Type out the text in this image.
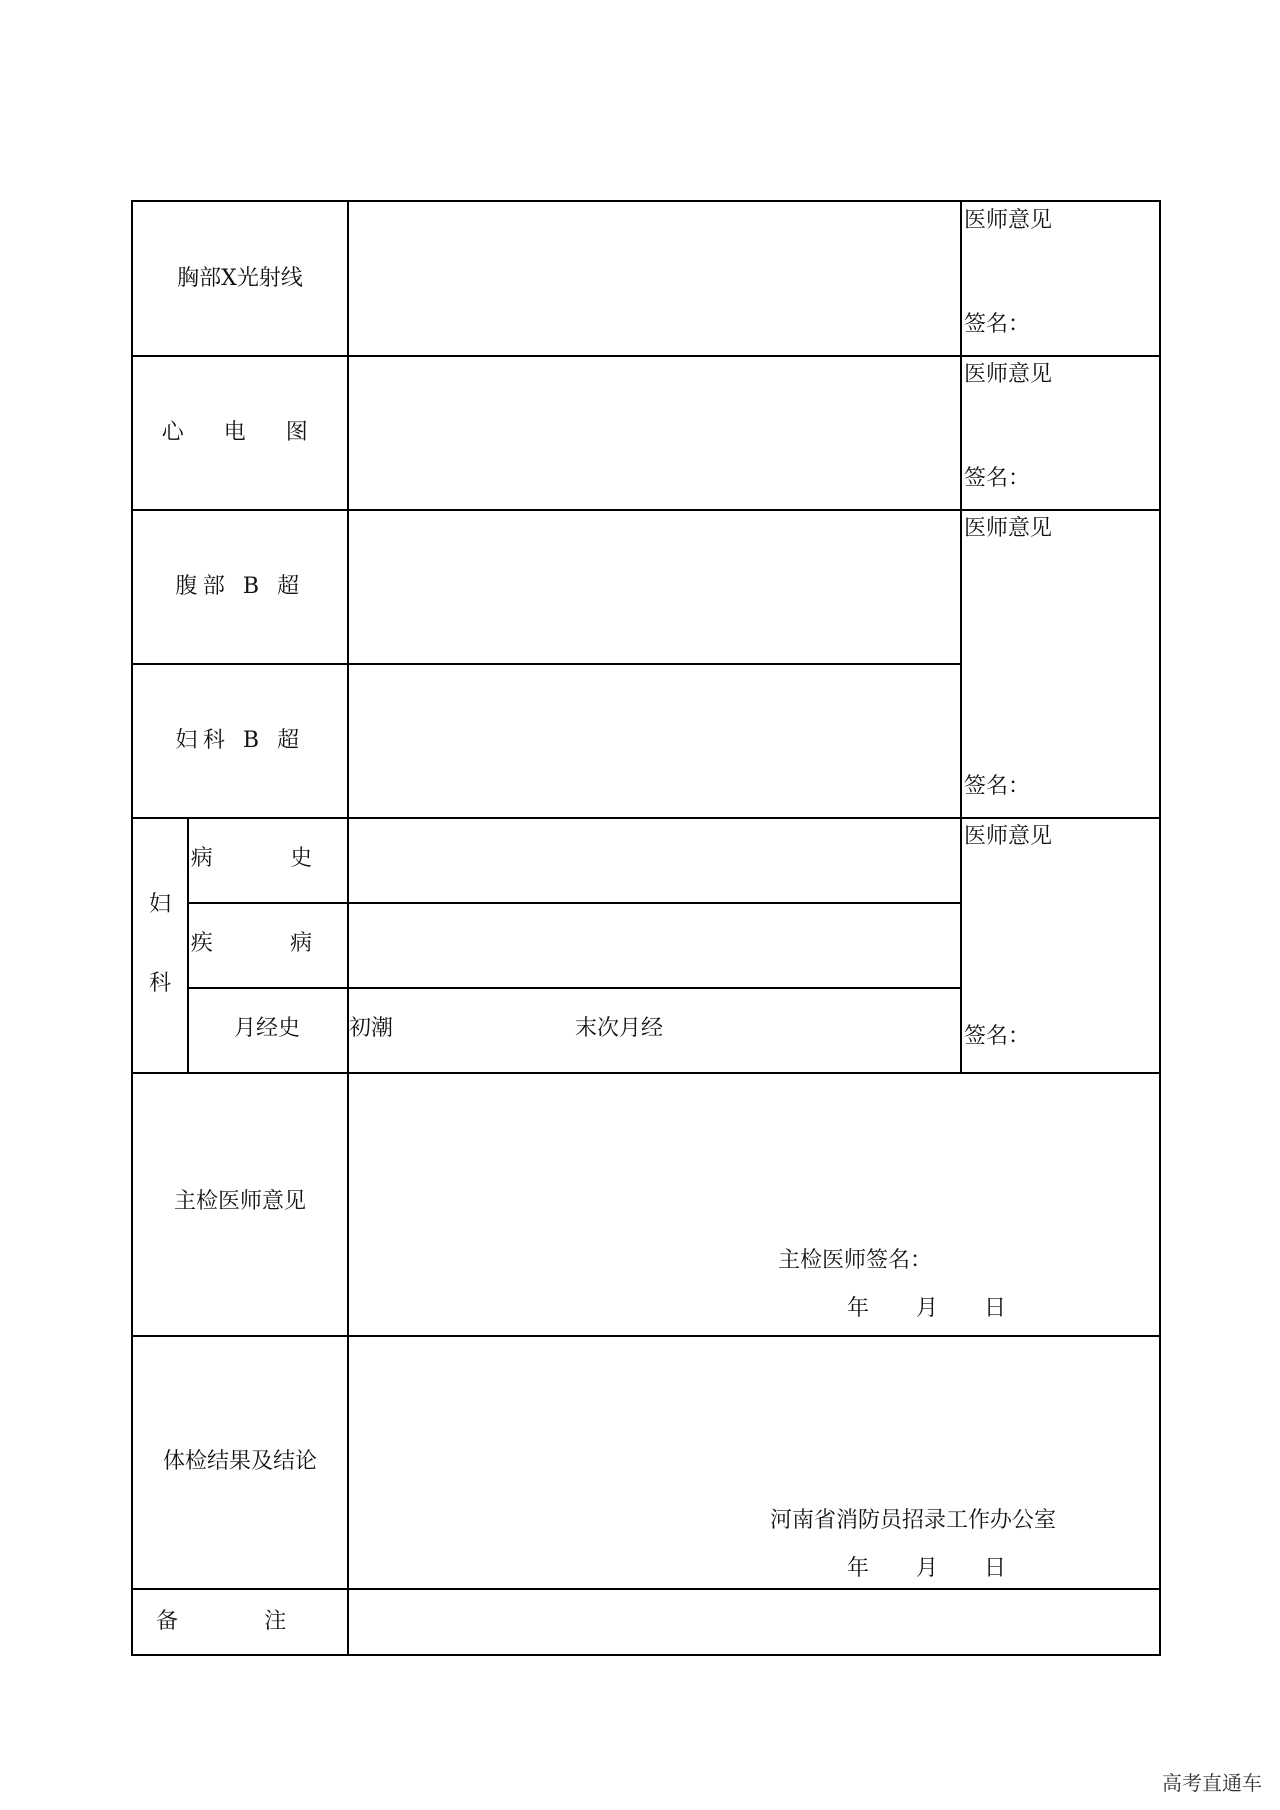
胸部X光射线
医师意见
签名：
心 电 图
医师意见
签名：
腹部 B 超
妇科 B 超
医师意见
签名：
妇
科
病 史
疾 病
月经史 初潮	末次月经
医师意见
签名：
主检医师意见
主检医师签名：
年 月 日
体检结果及结论
河南省消防员招录工作办公室
年 月 日
备 注
高考直通车
